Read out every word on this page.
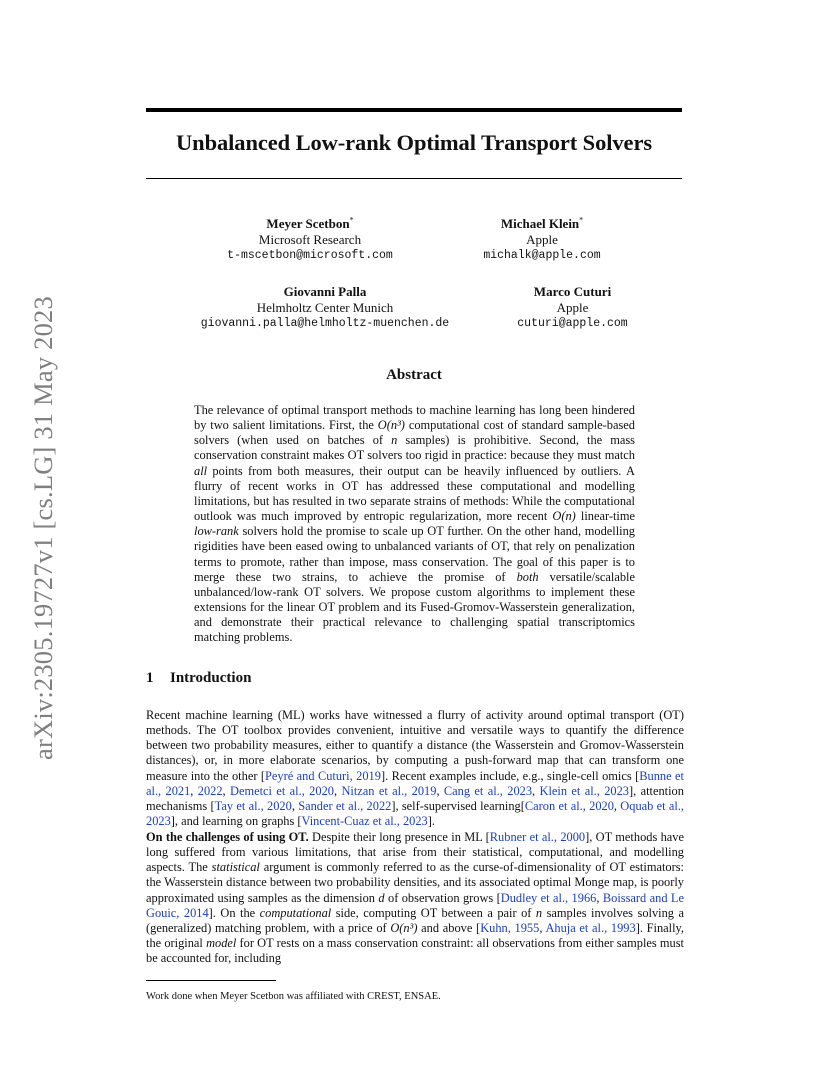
arXiv:2305.19727v1 [cs.LG] 31 May 2023
Unbalanced Low-rank Optimal Transport Solvers
Meyer Scetbon*
Microsoft Research
t-mscetbon@microsoft.com
Michael Klein*
Apple
michalk@apple.com
Giovanni Palla
Helmholtz Center Munich
giovanni.palla@helmholtz-muenchen.de
Marco Cuturi
Apple
cuturi@apple.com
Abstract
The relevance of optimal transport methods to machine learning has long been hindered by two salient limitations. First, the O(n³) computational cost of standard sample-based solvers (when used on batches of n samples) is prohibitive. Second, the mass conservation constraint makes OT solvers too rigid in practice: because they must match all points from both measures, their output can be heavily influenced by outliers. A flurry of recent works in OT has addressed these computational and modelling limitations, but has resulted in two separate strains of methods: While the computational outlook was much improved by entropic regularization, more recent O(n) linear-time low-rank solvers hold the promise to scale up OT further. On the other hand, modelling rigidities have been eased owing to unbalanced variants of OT, that rely on penalization terms to promote, rather than impose, mass conservation. The goal of this paper is to merge these two strains, to achieve the promise of both versatile/scalable unbalanced/low-rank OT solvers. We propose custom algorithms to implement these extensions for the linear OT problem and its Fused-Gromov-Wasserstein generalization, and demonstrate their practical relevance to challenging spatial transcriptomics matching problems.
1 Introduction
Recent machine learning (ML) works have witnessed a flurry of activity around optimal transport (OT) methods. The OT toolbox provides convenient, intuitive and versatile ways to quantify the difference between two probability measures, either to quantify a distance (the Wasserstein and Gromov-Wasserstein distances), or, in more elaborate scenarios, by computing a push-forward map that can transform one measure into the other [Peyré and Cuturi, 2019]. Recent examples include, e.g., single-cell omics [Bunne et al., 2021, 2022, Demetci et al., 2020, Nitzan et al., 2019, Cang et al., 2023, Klein et al., 2023], attention mechanisms [Tay et al., 2020, Sander et al., 2022], self-supervised learning[Caron et al., 2020, Oquab et al., 2023], and learning on graphs [Vincent-Cuaz et al., 2023].
On the challenges of using OT. Despite their long presence in ML [Rubner et al., 2000], OT methods have long suffered from various limitations, that arise from their statistical, computational, and modelling aspects. The statistical argument is commonly referred to as the curse-of-dimensionality of OT estimators: the Wasserstein distance between two probability densities, and its associated optimal Monge map, is poorly approximated using samples as the dimension d of observation grows [Dudley et al., 1966, Boissard and Le Gouic, 2014]. On the computational side, computing OT between a pair of n samples involves solving a (generalized) matching problem, with a price of O(n³) and above [Kuhn, 1955, Ahuja et al., 1993]. Finally, the original model for OT rests on a mass conservation constraint: all observations from either samples must be accounted for, including
Work done when Meyer Scetbon was affiliated with CREST, ENSAE.
